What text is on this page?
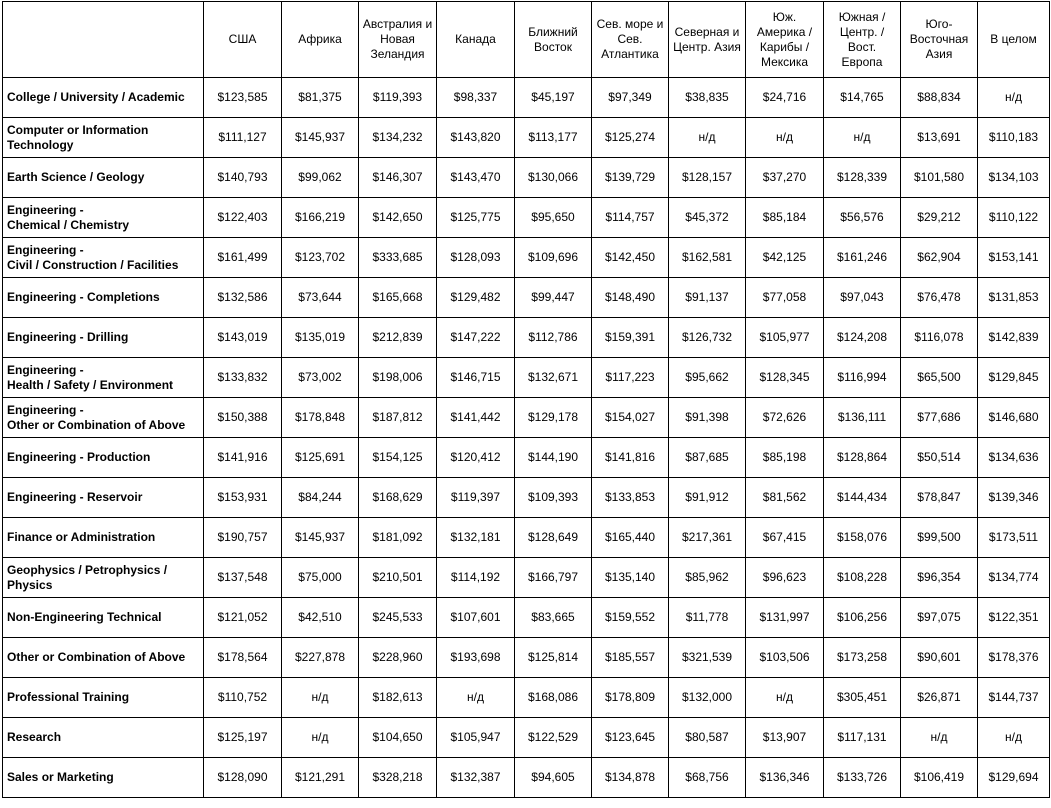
	США	Африка	Австралия и
Новая
Зеландия	Канада	Ближний
Восток	Сев. море и
Сев.
Атлантика	Северная и
Центр. Азия	Юж.
Америка /
Карибы /
Мексика	Южная /
Центр. /
Вост.
Европа	Юго-
Восточная
Азия	В целом
College / University / Academic	$123,585	$81,375	$119,393	$98,337	$45,197	$97,349	$38,835	$24,716	$14,765	$88,834	н/д
Computer or Information
Technology	$111,127	$145,937	$134,232	$143,820	$113,177	$125,274	н/д	н/д	н/д	$13,691	$110,183
Earth Science / Geology	$140,793	$99,062	$146,307	$143,470	$130,066	$139,729	$128,157	$37,270	$128,339	$101,580	$134,103
Engineering -
Chemical / Chemistry	$122,403	$166,219	$142,650	$125,775	$95,650	$114,757	$45,372	$85,184	$56,576	$29,212	$110,122
Engineering -
Civil / Construction / Facilities	$161,499	$123,702	$333,685	$128,093	$109,696	$142,450	$162,581	$42,125	$161,246	$62,904	$153,141
Engineering - Completions	$132,586	$73,644	$165,668	$129,482	$99,447	$148,490	$91,137	$77,058	$97,043	$76,478	$131,853
Engineering - Drilling	$143,019	$135,019	$212,839	$147,222	$112,786	$159,391	$126,732	$105,977	$124,208	$116,078	$142,839
Engineering -
Health / Safety / Environment	$133,832	$73,002	$198,006	$146,715	$132,671	$117,223	$95,662	$128,345	$116,994	$65,500	$129,845
Engineering -
Other or Combination of Above	$150,388	$178,848	$187,812	$141,442	$129,178	$154,027	$91,398	$72,626	$136,111	$77,686	$146,680
Engineering - Production	$141,916	$125,691	$154,125	$120,412	$144,190	$141,816	$87,685	$85,198	$128,864	$50,514	$134,636
Engineering - Reservoir	$153,931	$84,244	$168,629	$119,397	$109,393	$133,853	$91,912	$81,562	$144,434	$78,847	$139,346
Finance or Administration	$190,757	$145,937	$181,092	$132,181	$128,649	$165,440	$217,361	$67,415	$158,076	$99,500	$173,511
Geophysics / Petrophysics /
Physics	$137,548	$75,000	$210,501	$114,192	$166,797	$135,140	$85,962	$96,623	$108,228	$96,354	$134,774
Non-Engineering Technical	$121,052	$42,510	$245,533	$107,601	$83,665	$159,552	$11,778	$131,997	$106,256	$97,075	$122,351
Other or Combination of Above	$178,564	$227,878	$228,960	$193,698	$125,814	$185,557	$321,539	$103,506	$173,258	$90,601	$178,376
Professional Training	$110,752	н/д	$182,613	н/д	$168,086	$178,809	$132,000	н/д	$305,451	$26,871	$144,737
Research	$125,197	н/д	$104,650	$105,947	$122,529	$123,645	$80,587	$13,907	$117,131	н/д	н/д
Sales or Marketing	$128,090	$121,291	$328,218	$132,387	$94,605	$134,878	$68,756	$136,346	$133,726	$106,419	$129,694
